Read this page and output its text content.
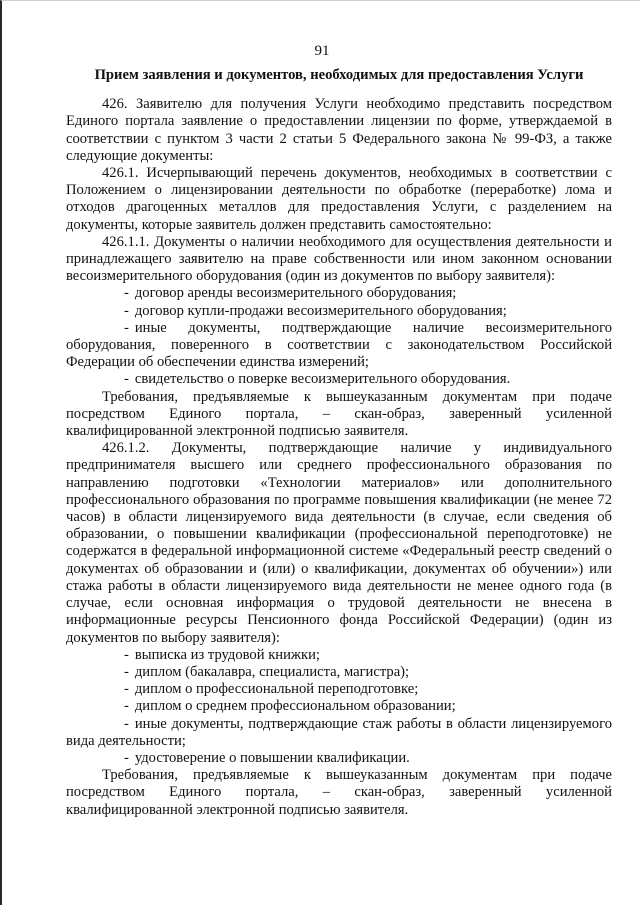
91

Прием заявления и документов, необходимых для предоставления Услуги

426. Заявителю для получения Услуги необходимо представить посредством Единого портала заявление о предоставлении лицензии по форме, утверждаемой в соответствии с пунктом 3 части 2 статьи 5 Федерального закона № 99-ФЗ, а также следующие документы:

426.1. Исчерпывающий перечень документов, необходимых в соответствии с Положением о лицензировании деятельности по обработке (переработке) лома и отходов драгоценных металлов для предоставления Услуги, с разделением на документы, которые заявитель должен представить самостоятельно:

426.1.1. Документы о наличии необходимого для осуществления деятельности и принадлежащего заявителю на праве собственности или ином законном основании весоизмерительного оборудования (один из документов по выбору заявителя):

- договор аренды весоизмерительного оборудования;

- договор купли-продажи весоизмерительного оборудования;

- иные документы, подтверждающие наличие весоизмерительного оборудования, поверенного в соответствии с законодательством Российской Федерации об обеспечении единства измерений;

- свидетельство о поверке весоизмерительного оборудования.

Требования, предъявляемые к вышеуказанным документам при подаче посредством Единого портала, – скан-образ, заверенный усиленной квалифицированной электронной подписью заявителя.

426.1.2. Документы, подтверждающие наличие у индивидуального предпринимателя высшего или среднего профессионального образования по направлению подготовки «Технологии материалов» или дополнительного профессионального образования по программе повышения квалификации (не менее 72 часов) в области лицензируемого вида деятельности (в случае, если сведения об образовании, о повышении квалификации (профессиональной переподготовке) не содержатся в федеральной информационной системе «Федеральный реестр сведений о документах об образовании и (или) о квалификации, документах об обучении») или стажа работы в области лицензируемого вида деятельности не менее одного года (в случае, если основная информация о трудовой деятельности не внесена в информационные ресурсы Пенсионного фонда Российской Федерации) (один из документов по выбору заявителя):

- выписка из трудовой книжки;

- диплом (бакалавра, специалиста, магистра);

- диплом о профессиональной переподготовке;

- диплом о среднем профессиональном образовании;

- иные документы, подтверждающие стаж работы в области лицензируемого вида деятельности;

- удостоверение о повышении квалификации.

Требования, предъявляемые к вышеуказанным документам при подаче посредством Единого портала, – скан-образ, заверенный усиленной квалифицированной электронной подписью заявителя.
